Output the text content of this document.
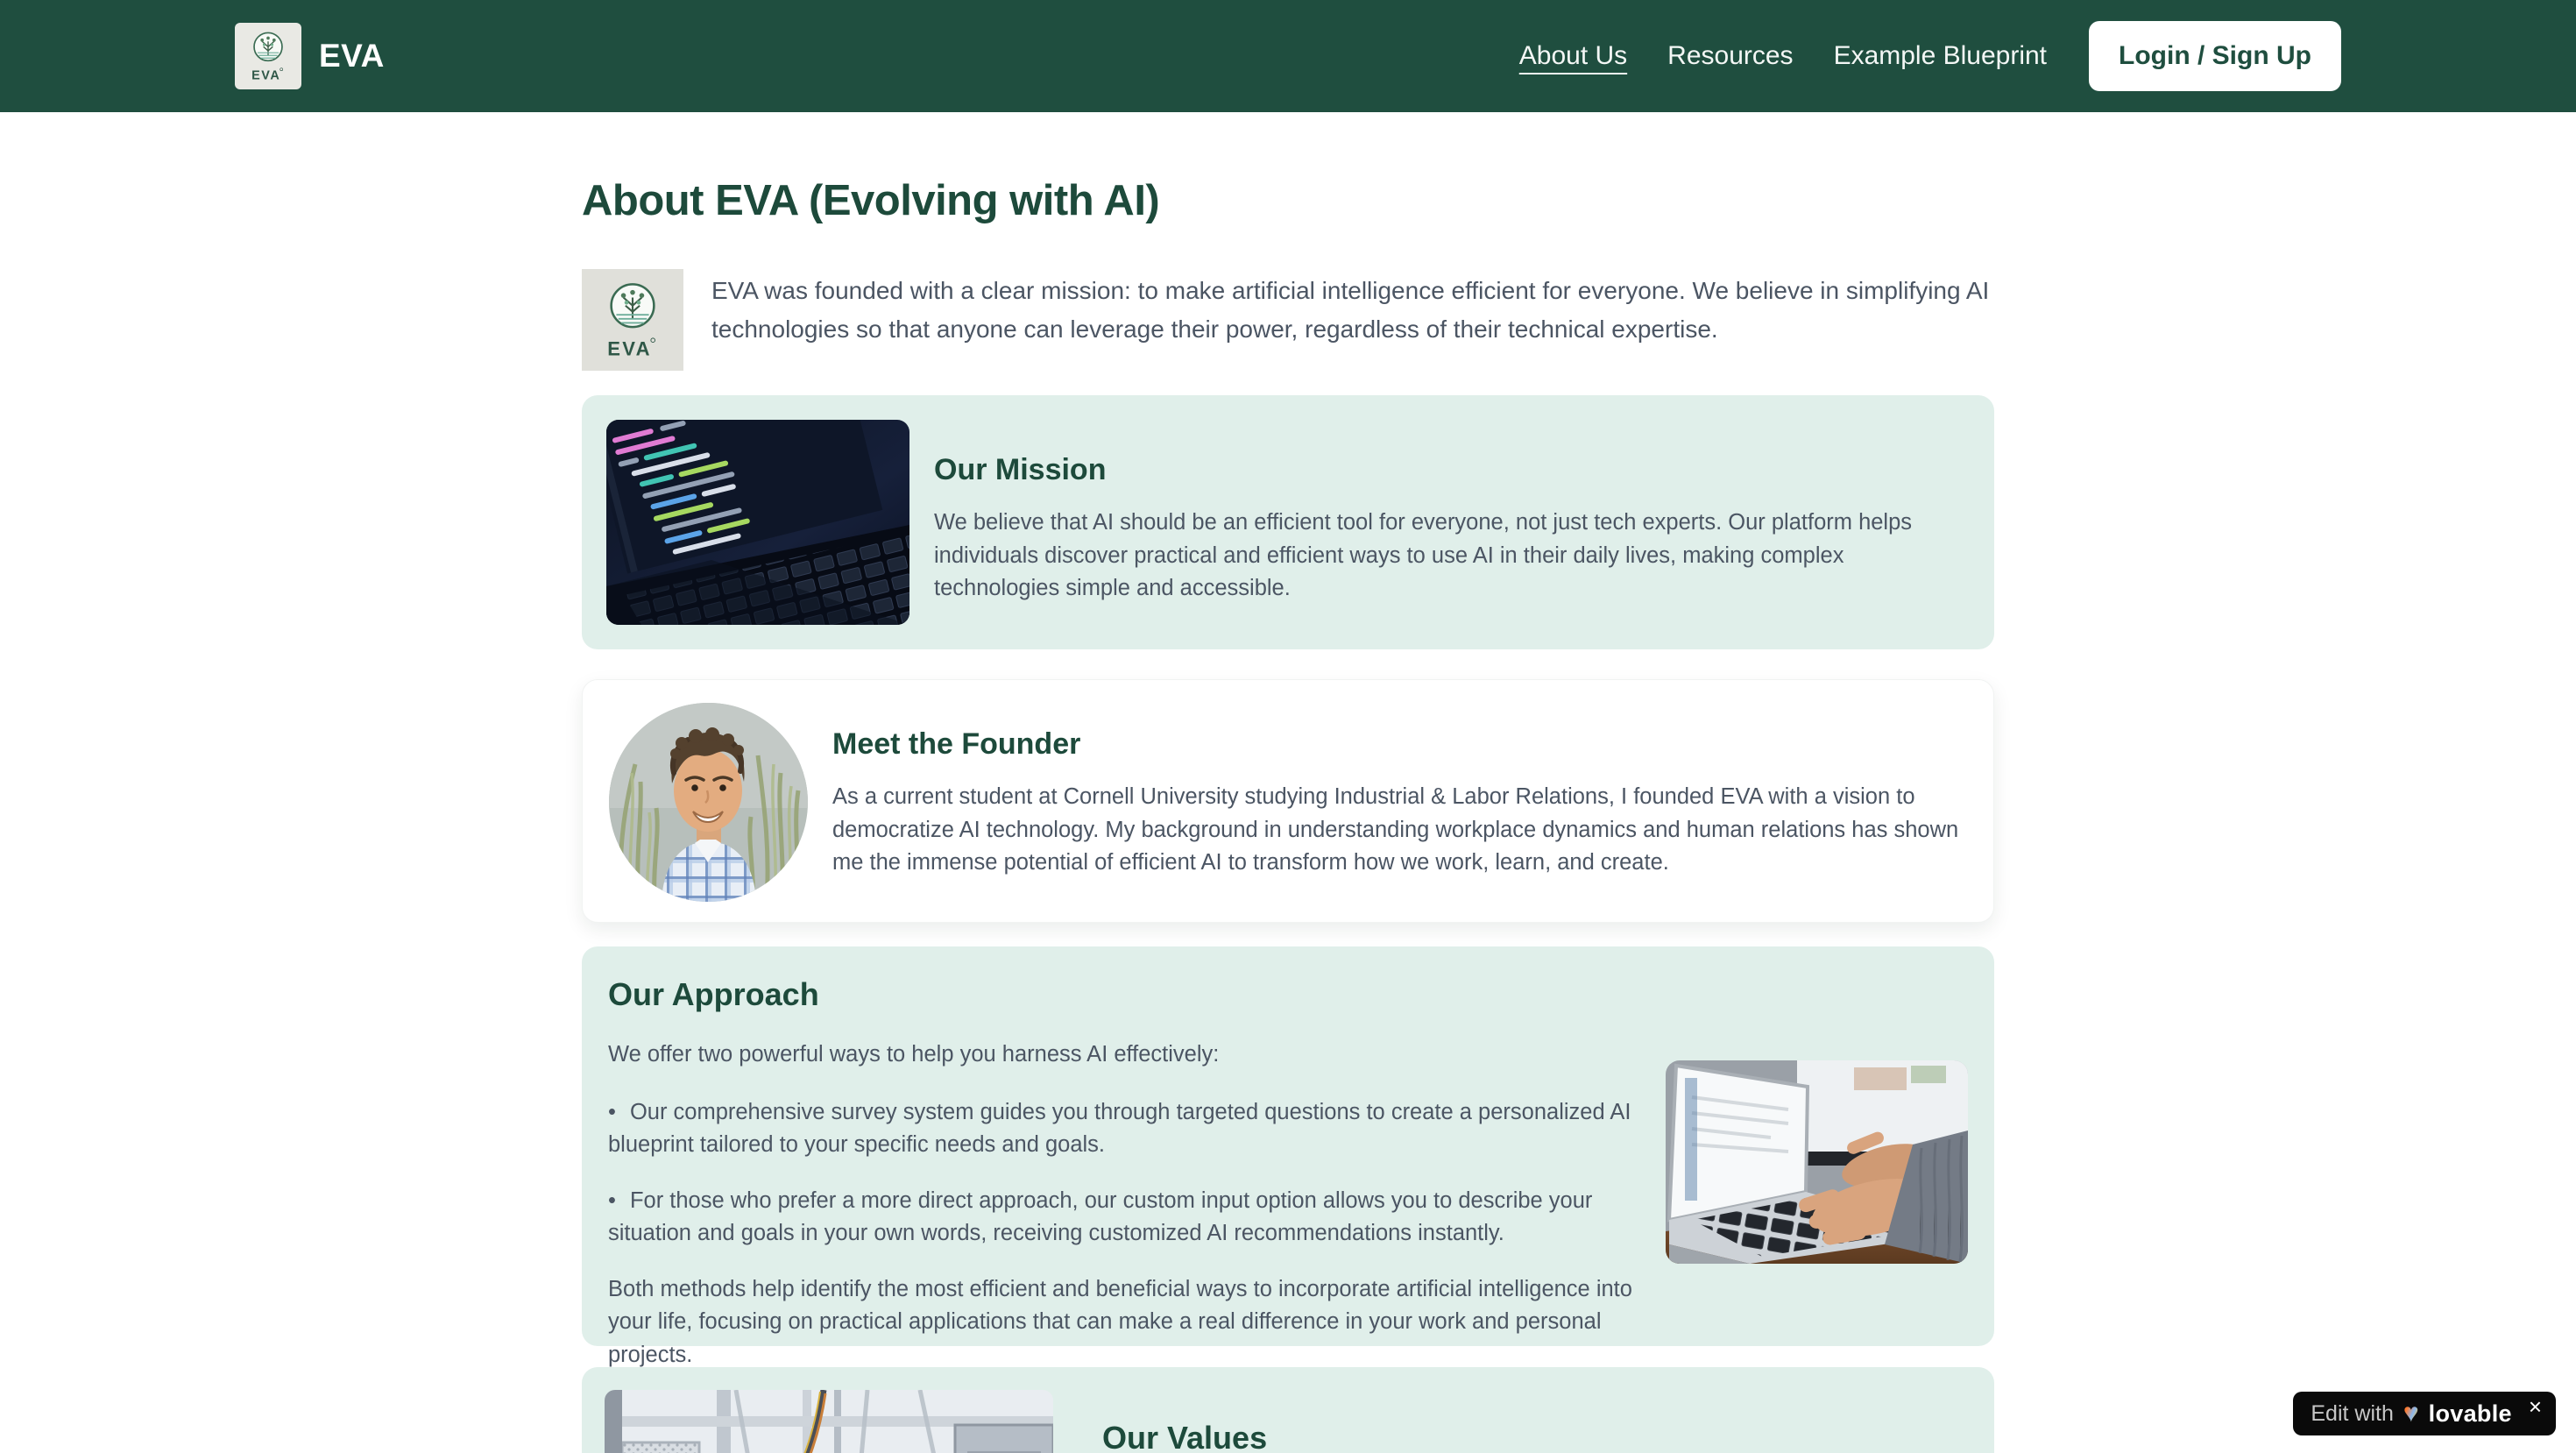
EVA
EVA	About Us Resources Example Blueprint	Login / Sign Up
About EVA (Evolving with AI)
EVA

EVA was founded with a clear mission: to make artificial intelligence efficient for everyone. We believe in simplifying AI technologies so that anyone can leverage their power, regardless of their technical expertise.

Our Mission

We believe that AI should be an efficient tool for everyone, not just tech experts. Our platform helps individuals discover practical and efficient ways to use AI in their daily lives, making complex technologies simple and accessible.

Meet the Founder

As a current student at Cornell University studying Industrial & Labor Relations, I founded EVA with a vision to democratize AI technology. My background in understanding workplace dynamics and human relations has shown me the immense potential of efficient AI to transform how we work, learn, and create.

Our Approach

We offer two powerful ways to help you harness AI effectively:

• Our comprehensive survey system guides you through targeted questions to create a personalized AI blueprint tailored to your specific needs and goals.
• For those who prefer a more direct approach, our custom input option allows you to describe your situation and goals in your own words, receiving customized AI recommendations instantly.

Both methods help identify the most efficient and beneficial ways to incorporate artificial intelligence into your life, focusing on practical applications that can make a real difference in your work and personal projects.

Our Values
Edit with ♥ lovable ×
